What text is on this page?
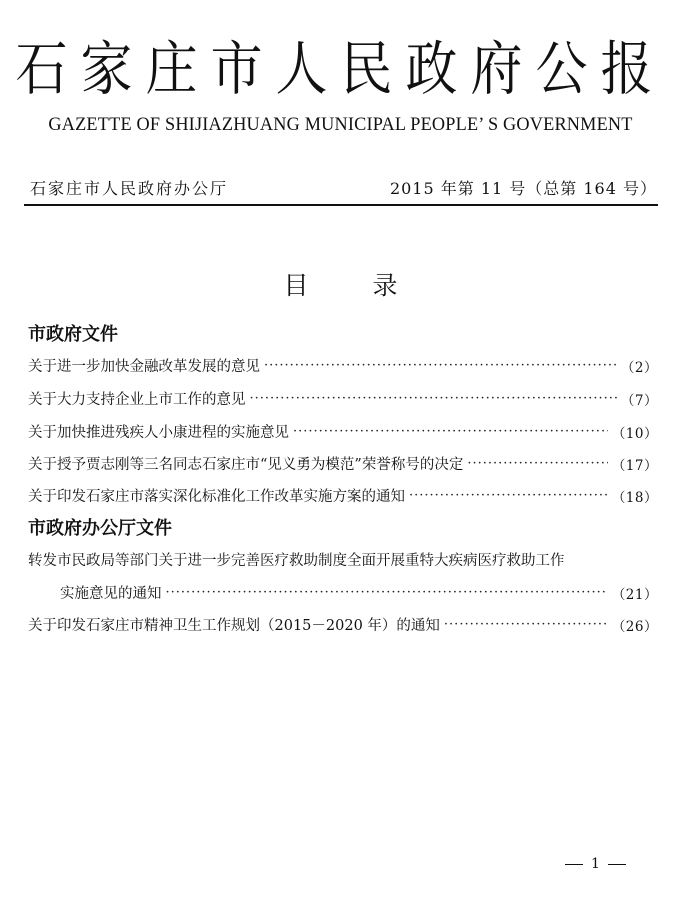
石家庄市人民政府公报
GAZETTE OF SHIJIAZHUANG MUNICIPAL PEOPLE’ S GOVERNMENT
石家庄市人民政府办公厅	2015 年第 11 号（总第 164 号）
目	录
市政府文件
关于进一步加快金融改革发展的意见 ·····	（2）
关于大力支持企业上市工作的意见 ·····	（7）
关于加快推进残疾人小康进程的实施意见 ·····	（10）
关于授予贾志刚等三名同志石家庄市“见义勇为模范”荣誉称号的决定 ·····	（17）
关于印发石家庄市落实深化标准化工作改革实施方案的通知 ·····	（18）
市政府办公厅文件
转发市民政局等部门关于进一步完善医疗救助制度全面开展重特大疾病医疗救助工作
实施意见的通知 ·····	（21）
关于印发石家庄市精神卫生工作规划（2015－2020 年）的通知 ·····	（26）
1
